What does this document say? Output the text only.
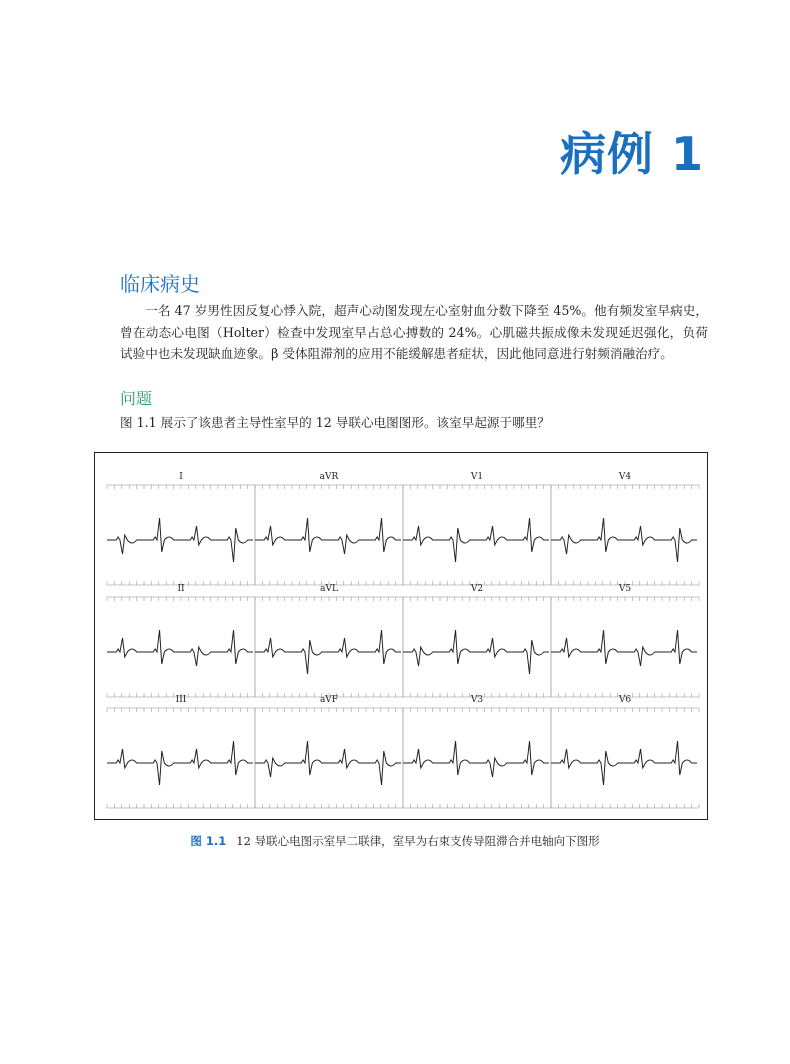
病例 1
临床病史

一名 47 岁男性因反复心悸入院，超声心动图发现左心室射血分数下降至 45%。他有频发室早病史，曾在动态心电图（Holter）检查中发现室早占总心搏数的 24%。心肌磁共振成像未发现延迟强化，负荷试验中也未发现缺血迹象。β 受体阻滞剂的应用不能缓解患者症状，因此他同意进行射频消融治疗。

问题

图 1.1 展示了该患者主导性室早的 12 导联心电图图形。该室早起源于哪里？

I	aVR	V1	V4
II	aVL	V2	V5
III	aVF	V3	V6

图 1.1 12 导联心电图示室早二联律，室早为右束支传导阻滞合并电轴向下图形
